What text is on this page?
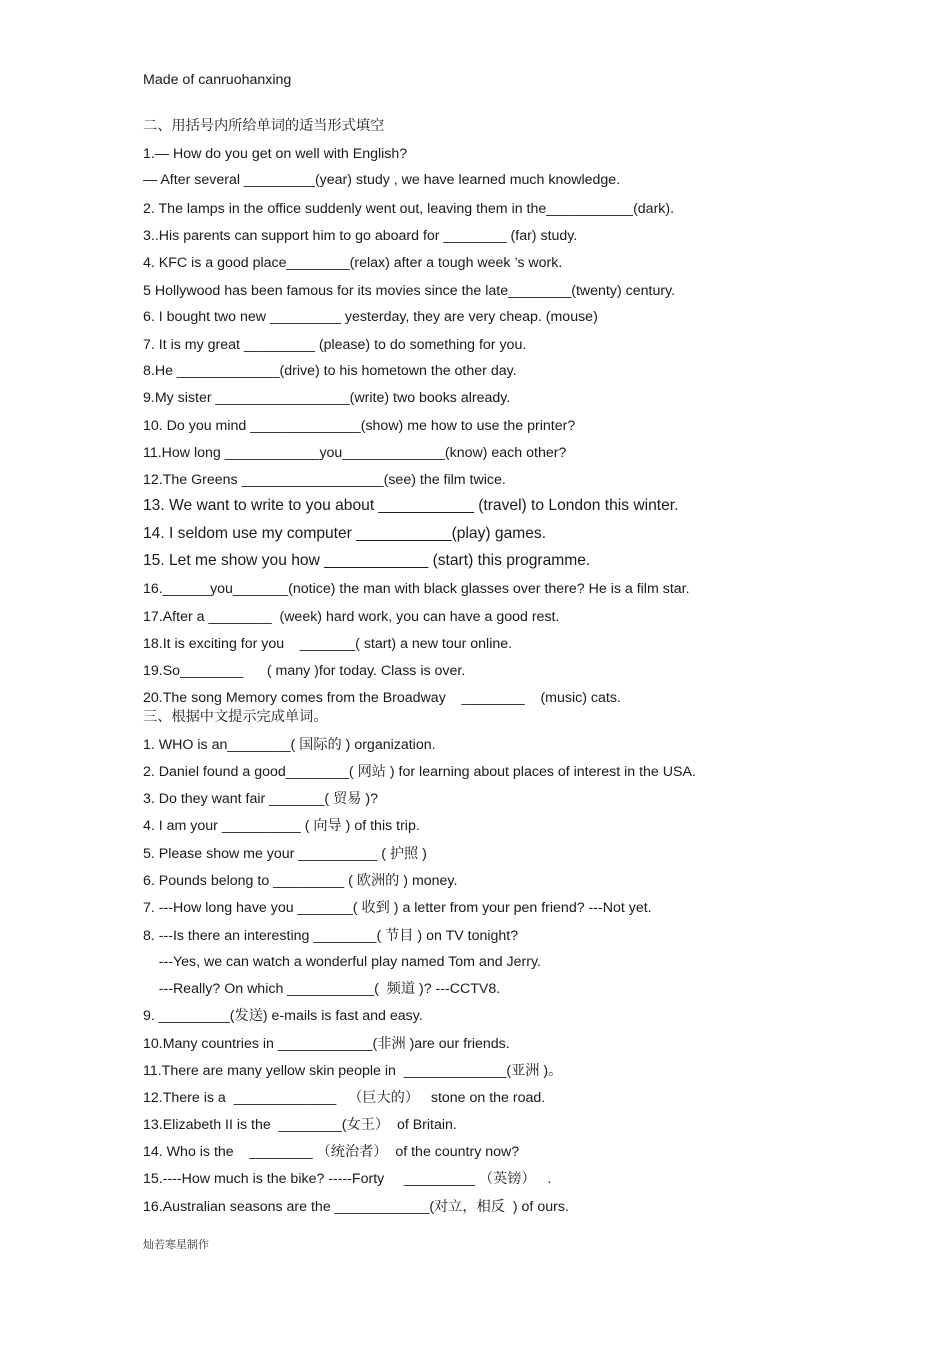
Made of canruohanxing
二、用括号内所给单词的适当形式填空
1.— How do you get on well with English?
— After several _________(year) study , we have learned much knowledge.
2. The lamps in the office suddenly went out, leaving them in the___________(dark).
3..His parents can support him to go aboard for ________ (far) study.
4. KFC is a good place________(relax) after a tough week ’s work.
5 Hollywood has been famous for its movies since the late________(twenty) century.
6. I bought two new _________ yesterday, they are very cheap. (mouse)
7. It is my great _________ (please) to do something for you.
8.He _____________(drive) to his hometown the other day.
9.My sister _________________(write) two books already.
10. Do you mind ______________(show) me how to use the printer?
11.How long ____________you_____________(know) each other?
12.The Greens __________________(see) the film twice.
13. We want to write to you about ___________ (travel) to London this winter.
14. I seldom use my computer ___________(play) games.
15. Let me show you how ____________ (start) this programme.
16.______you_______(notice) the man with black glasses over there? He is a film star.
17.After a ________  (week) hard work, you can have a good rest.
18.It is exciting for you    _______( start) a new tour online.
19.So________      ( many )for today. Class is over.
20.The song Memory comes from the Broadway    ________    (music) cats.
三、根据中文提示完成单词。
1. WHO is an________( 国际的 ) organization.
2. Daniel found a good________( 网站 ) for learning about places of interest in the USA.
3. Do they want fair _______( 贸易 )?
4. I am your __________ ( 向导 ) of this trip.
5. Please show me your __________ ( 护照 )
6. Pounds belong to _________ ( 欧洲的 ) money.
7. ---How long have you _______( 收到 ) a letter from your pen friend? ---Not yet.
8. ---Is there an interesting ________( 节目 ) on TV tonight?
---Yes, we can watch a wonderful play named Tom and Jerry.
---Really? On which ___________(  频道 )? ---CCTV8.
9. _________(发送) e-mails is fast and easy.
10.Many countries in ____________(非洲 )are our friends.
11.There are many yellow skin people in  _____________(亚洲 )。
12.There is a  _____________   （巨大的）   stone on the road.
13.Elizabeth II is the  ________(女王）  of Britain.
14. Who is the    ________ （统治者）  of the country now?
15.----How much is the bike? -----Forty     _________ （英镑）   .
16.Australian seasons are the ____________(对立，相反  ) of ours.
灿若寒星制作
